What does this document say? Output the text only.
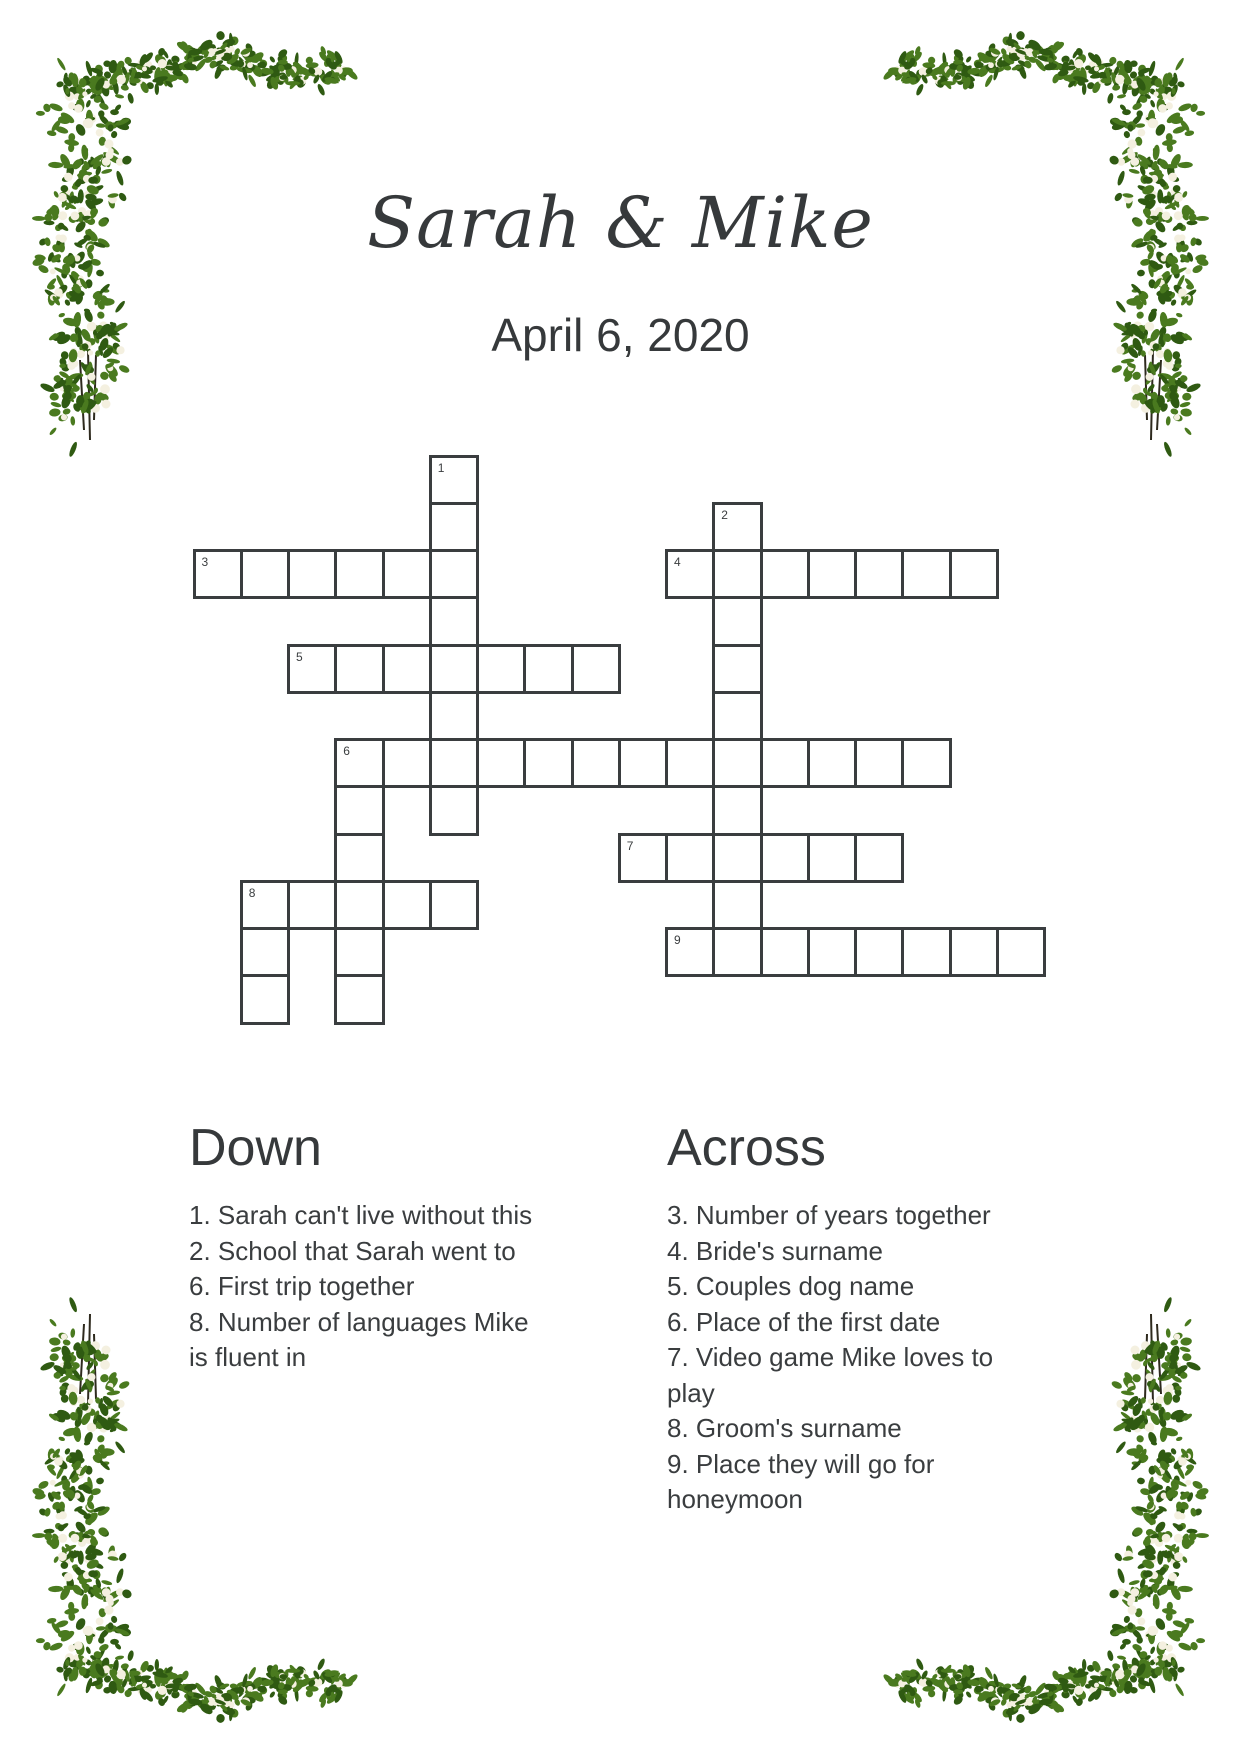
Sarah & Mike
April 6, 2020
1
2
3	4
5
6
7
8
9
Down
1. Sarah can't live without this
2. School that Sarah went to
6. First trip together
8. Number of languages Mike
is fluent in
Across
3. Number of years together
4. Bride's surname
5. Couples dog name
6. Place of the first date
7. Video game Mike loves to
play
8. Groom's surname
9. Place they will go for
honeymoon
